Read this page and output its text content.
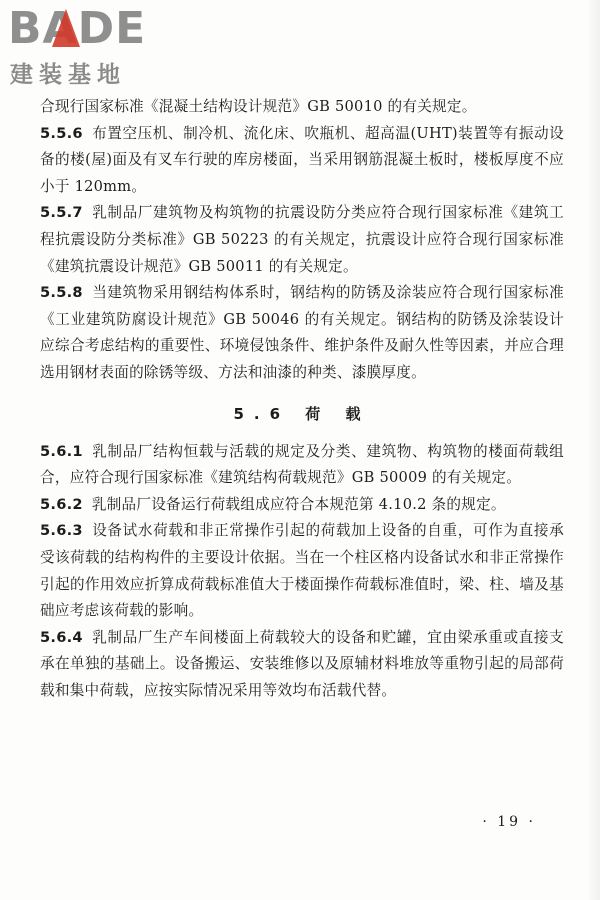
BADE
建装基地

合现行国家标准《混凝土结构设计规范》GB 50010 的有关规定。

5.5.6 布置空压机、制冷机、流化床、吹瓶机、超高温(UHT)装置等有振动设备的楼(屋)面及有叉车行驶的库房楼面，当采用钢筋混凝土板时，楼板厚度不应小于 120mm。

5.5.7 乳制品厂建筑物及构筑物的抗震设防分类应符合现行国家标准《建筑工程抗震设防分类标准》GB 50223 的有关规定，抗震设计应符合现行国家标准《建筑抗震设计规范》GB 50011 的有关规定。

5.5.8 当建筑物采用钢结构体系时，钢结构的防锈及涂装应符合现行国家标准《工业建筑防腐设计规范》GB 50046 的有关规定。钢结构的防锈及涂装设计应综合考虑结构的重要性、环境侵蚀条件、维护条件及耐久性等因素，并应合理选用钢材表面的除锈等级、方法和油漆的种类、漆膜厚度。

5.6 荷 载

5.6.1 乳制品厂结构恒载与活载的规定及分类、建筑物、构筑物的楼面荷载组合，应符合现行国家标准《建筑结构荷载规范》GB 50009 的有关规定。

5.6.2 乳制品厂设备运行荷载组成应符合本规范第 4.10.2 条的规定。

5.6.3 设备试水荷载和非正常操作引起的荷载加上设备的自重，可作为直接承受该荷载的结构构件的主要设计依据。当在一个柱区格内设备试水和非正常操作引起的作用效应折算成荷载标准值大于楼面操作荷载标准值时，梁、柱、墙及基础应考虑该荷载的影响。

5.6.4 乳制品厂生产车间楼面上荷载较大的设备和贮罐，宜由梁承重或直接支承在单独的基础上。设备搬运、安装维修以及原辅材料堆放等重物引起的局部荷载和集中荷载，应按实际情况采用等效均布活载代替。

· 19 ·
